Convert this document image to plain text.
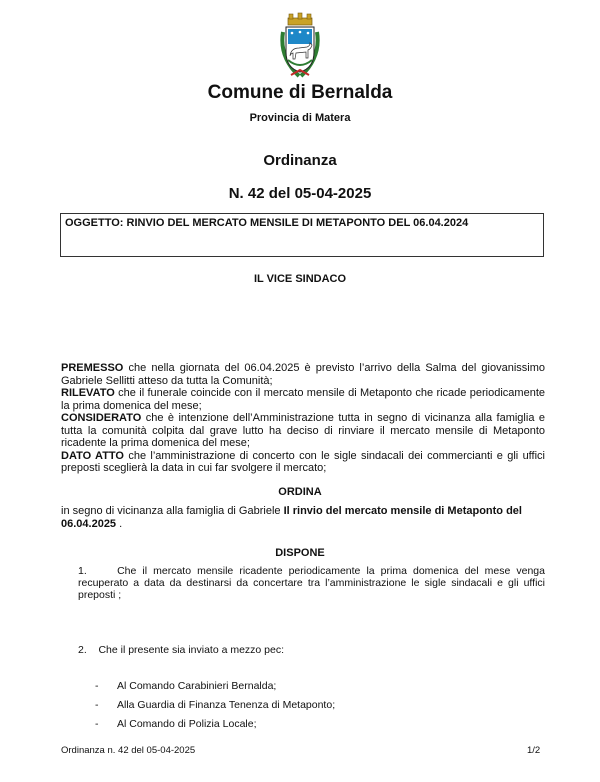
Comune di Bernalda
Provincia di Matera
Ordinanza
N. 42 del 05-04-2025
OGGETTO: RINVIO DEL MERCATO MENSILE DI METAPONTO DEL 06.04.2024
IL VICE SINDACO

PREMESSO che nella giornata del 06.04.2025 è previsto l’arrivo della Salma del giovanissimo Gabriele Sellitti atteso da tutta la Comunità;

RILEVATO che il funerale coincide con il mercato mensile di Metaponto che ricade periodicamente la prima domenica del mese;

CONSIDERATO che è intenzione dell’Amministrazione tutta in segno di vicinanza alla famiglia e tutta la comunità colpita dal grave lutto ha deciso di rinviare il mercato mensile di Metaponto ricadente la prima domenica del mese;

DATO ATTO che l’amministrazione di concerto con le sigle sindacali dei commercianti e gli uffici preposti sceglierà la data in cui far svolgere il mercato;

ORDINA
in segno di vicinanza alla famiglia di Gabriele Il rinvio del mercato mensile di Metaponto del 06.04.2025 .
DISPONE
1.	Che il mercato mensile ricadente periodicamente la prima domenica del mese venga recuperato a data da destinarsi da concertare tra l’amministrazione le sigle sindacali e gli uffici preposti ;
2. Che il presente sia inviato a mezzo pec:
-	Al Comando Carabinieri Bernalda;
-	Alla Guardia di Finanza Tenenza di Metaponto;
-	Al Comando di Polizia Locale;
Ordinanza n. 42 del 05-04-2025	1/2
